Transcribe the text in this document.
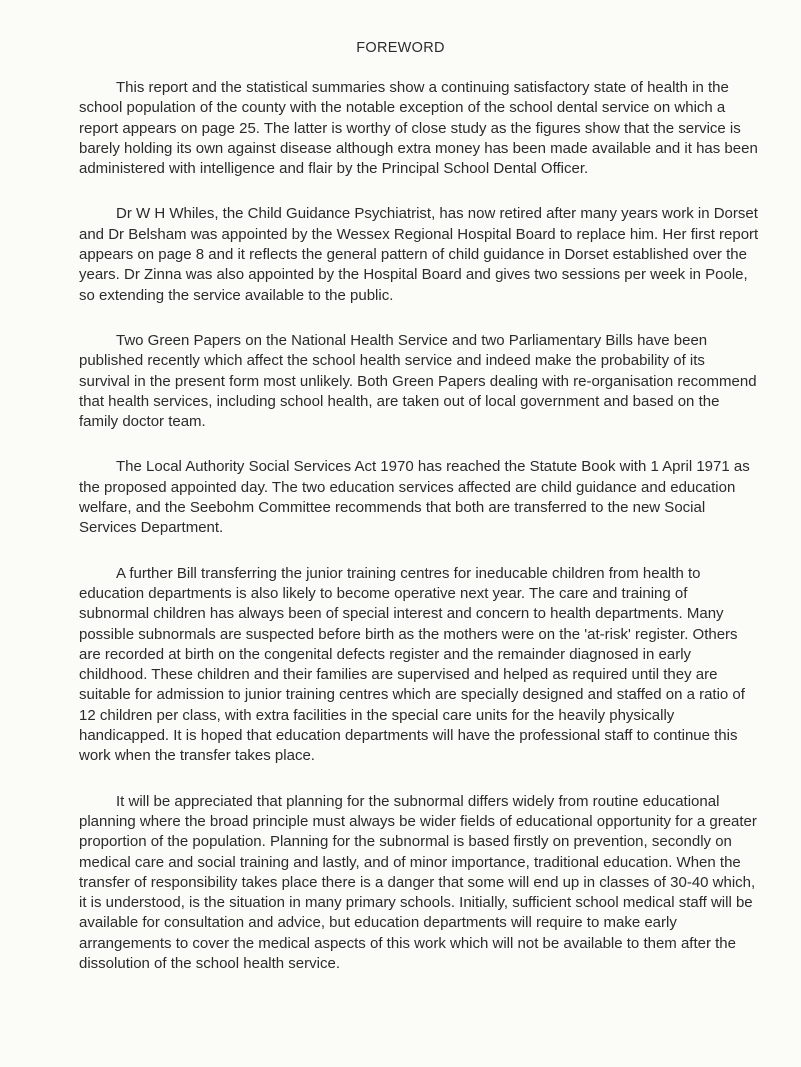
FOREWORD

This report and the statistical summaries show a continuing satisfactory state of health in the school population of the county with the notable exception of the school dental service on which a report appears on page 25. The latter is worthy of close study as the figures show that the service is barely holding its own against disease although extra money has been made available and it has been administered with intelligence and flair by the Principal School Dental Officer.

Dr W H Whiles, the Child Guidance Psychiatrist, has now retired after many years work in Dorset and Dr Belsham was appointed by the Wessex Regional Hospital Board to replace him. Her first report appears on page 8 and it reflects the general pattern of child guidance in Dorset established over the years. Dr Zinna was also appointed by the Hospital Board and gives two sessions per week in Poole, so extending the service available to the public.

Two Green Papers on the National Health Service and two Parliamentary Bills have been published recently which affect the school health service and indeed make the probability of its survival in the present form most unlikely. Both Green Papers dealing with re-organisation recommend that health services, including school health, are taken out of local government and based on the family doctor team.

The Local Authority Social Services Act 1970 has reached the Statute Book with 1 April 1971 as the proposed appointed day. The two education services affected are child guidance and education welfare, and the Seebohm Committee recommends that both are transferred to the new Social Services Department.

A further Bill transferring the junior training centres for ineducable children from health to education departments is also likely to become operative next year. The care and training of subnormal children has always been of special interest and concern to health departments. Many possible subnormals are suspected before birth as the mothers were on the 'at-risk' register. Others are recorded at birth on the congenital defects register and the remainder diagnosed in early childhood. These children and their families are supervised and helped as required until they are suitable for admission to junior training centres which are specially designed and staffed on a ratio of 12 children per class, with extra facilities in the special care units for the heavily physically handicapped. It is hoped that education departments will have the professional staff to continue this work when the transfer takes place.

It will be appreciated that planning for the subnormal differs widely from routine educational planning where the broad principle must always be wider fields of educational opportunity for a greater proportion of the population. Planning for the subnormal is based firstly on prevention, secondly on medical care and social training and lastly, and of minor importance, traditional education. When the transfer of responsibility takes place there is a danger that some will end up in classes of 30-40 which, it is understood, is the situation in many primary schools. Initially, sufficient school medical staff will be available for consultation and advice, but education departments will require to make early arrangements to cover the medical aspects of this work which will not be available to them after the dissolution of the school health service.
